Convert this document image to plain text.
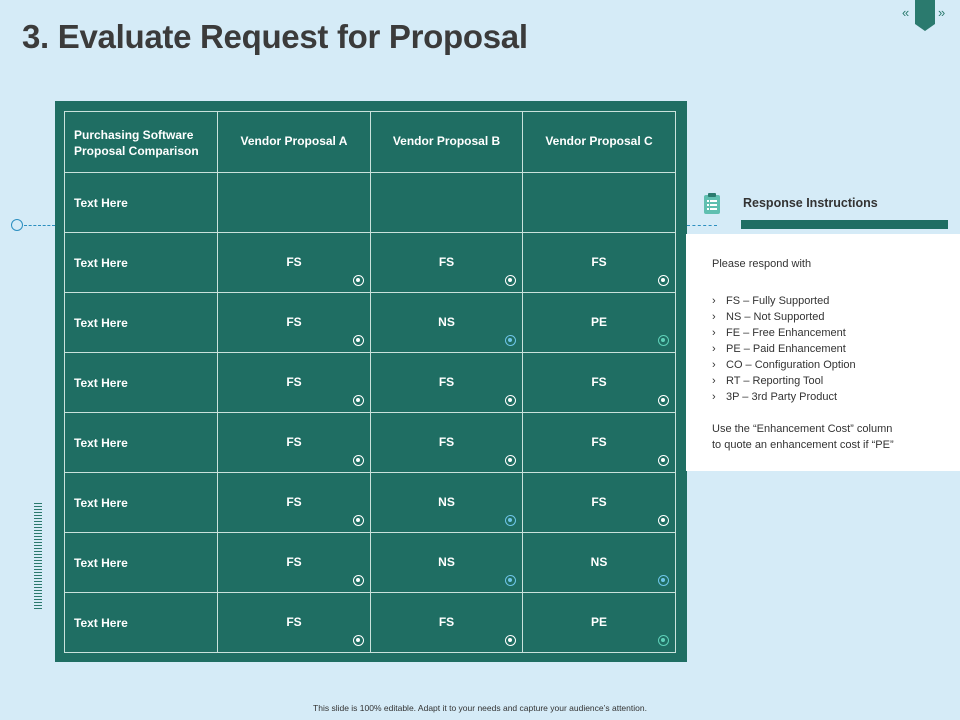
3. Evaluate Request for Proposal
« »
Purchasing Software Proposal Comparison	Vendor Proposal A	Vendor Proposal B	Vendor Proposal C

Text Here			

Text Here	FS	FS	FS

Text Here	FS	NS	PE

Text Here	FS	FS	FS

Text Here	FS	FS	FS

Text Here	FS	NS	FS

Text Here	FS	NS	NS

Text Here	FS	FS	PE
Response Instructions

Please respond with

› FS – Fully Supported
› NS – Not Supported
› FE – Free Enhancement
› PE – Paid Enhancement
› CO – Configuration Option
› RT – Reporting Tool
› 3P – 3rd Party Product

Use the “Enhancement Cost” column
to quote an enhancement cost if “PE”

This slide is 100% editable. Adapt it to your needs and capture your audience’s attention.
